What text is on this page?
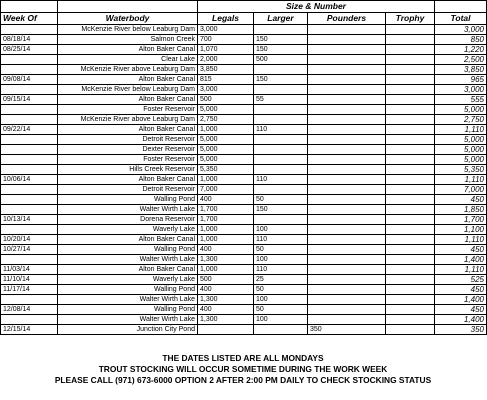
		Size & Number				
Week Of	Waterbody	Legals	Larger	Pounders	Trophy	Total
	McKenzie River below Leaburg Dam	3,000				3,000
08/18/14	Salmon Creek	700	150			850
08/25/14	Alton Baker Canal	1,070	150			1,220
	Clear Lake	2,000	500			2,500
	McKenzie River above Leaburg Dam	3,850				3,850
09/08/14	Alton Baker Canal	815	150			965
	McKenzie River below Leaburg Dam	3,000				3,000
09/15/14	Alton Baker Canal	500	55			555
	Foster Reservoir	5,000				5,000
	McKenzie River above Leaburg Dam	2,750				2,750
09/22/14	Alton Baker Canal	1,000	110			1,110
	Detroit Reservoir	5,000				5,000
	Dexter Reservoir	5,000				5,000
	Foster Reservoir	5,000				5,000
	Hills Creek Reservoir	5,350				5,350
10/06/14	Alton Baker Canal	1,000	110			1,110
	Detroit Reservoir	7,000				7,000
	Walling Pond	400	50			450
	Walter Wirth Lake	1,700	150			1,850
10/13/14	Dorena Reservoir	1,700				1,700
	Waverly Lake	1,000	100			1,100
10/20/14	Alton Baker Canal	1,000	110			1,110
10/27/14	Walling Pond	400	50			450
	Walter Wirth Lake	1,300	100			1,400
11/03/14	Alton Baker Canal	1,000	110			1,110
11/10/14	Waverly Lake	500	25			525
11/17/14	Walling Pond	400	50			450
	Walter Wirth Lake	1,300	100			1,400
12/08/14	Walling Pond	400	50			450
	Walter Wirth Lake	1,300	100			1,400
12/15/14	Junction City Pond			350		350
THE DATES LISTED ARE ALL MONDAYS
TROUT STOCKING WILL OCCUR SOMETIME DURING THE WORK WEEK
PLEASE CALL (971) 673-6000 OPTION 2 AFTER 2:00 PM DAILY TO CHECK STOCKING STATUS
